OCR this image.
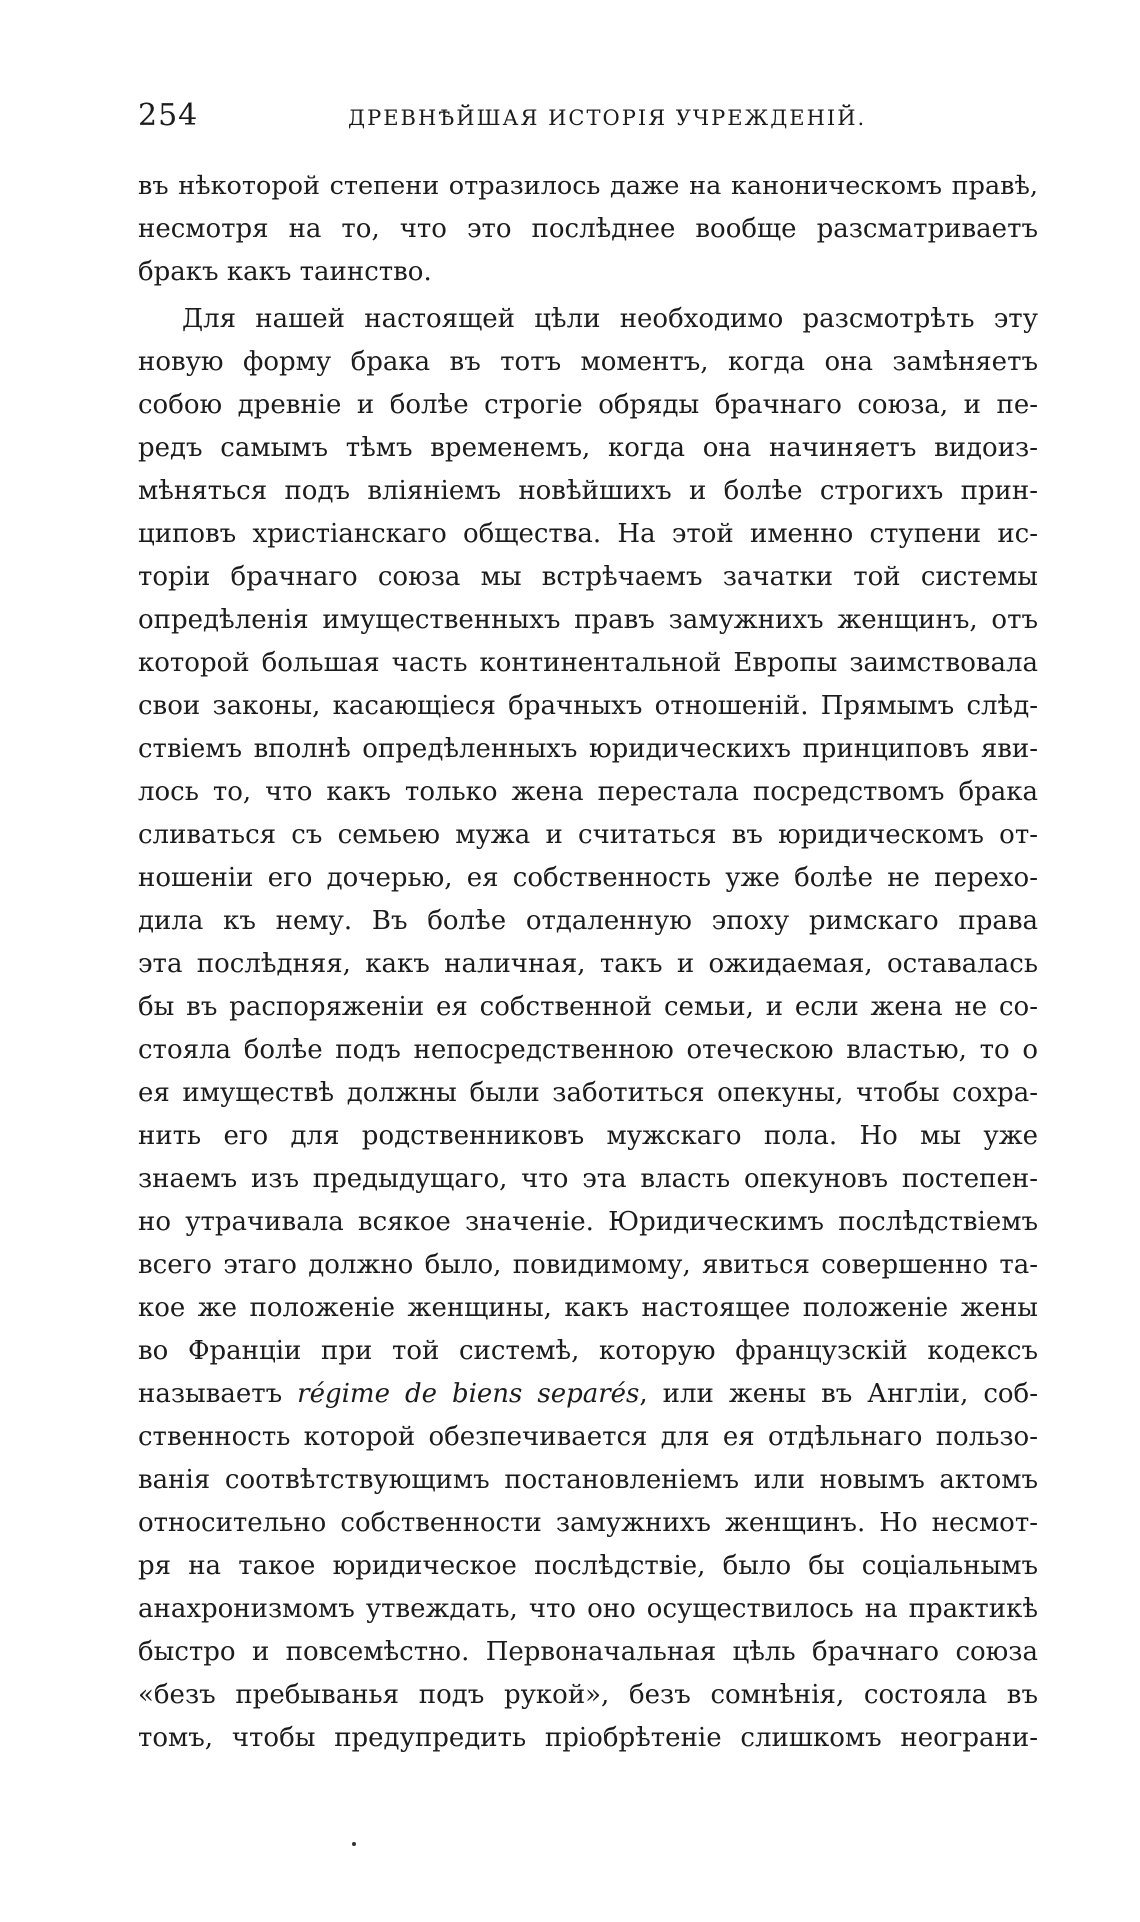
254	ДРЕВНѢЙШАЯ ИСТОРІЯ УЧРЕЖДЕНІЙ.
въ нѣкоторой степени отразилось даже на каноническомъ правѣ,
несмотря на то, что это послѣднее вообще разсматриваетъ
бракъ какъ таинство.
Для нашей настоящей цѣли необходимо разсмотрѣть эту
новую форму брака въ тотъ моментъ, когда она замѣняетъ
собою древніе и болѣе строгіе обряды брачнаго союза, и пе-
редъ самымъ тѣмъ временемъ, когда она начиняетъ видоиз-
мѣняться подъ вліяніемъ новѣйшихъ и болѣе строгихъ прин-
циповъ христіанскаго общества. На этой именно ступени ис-
торіи брачнаго союза мы встрѣчаемъ зачатки той системы
опредѣленія имущественныхъ правъ замужнихъ женщинъ, отъ
которой большая часть континентальной Европы заимствовала
свои законы, касающіеся брачныхъ отношеній. Прямымъ слѣд-
ствіемъ вполнѣ опредѣленныхъ юридическихъ принциповъ яви-
лось то, что какъ только жена перестала посредствомъ брака
сливаться съ семьею мужа и считаться въ юридическомъ от-
ношеніи его дочерью, ея собственность уже болѣе не перехо-
дила къ нему. Въ болѣе отдаленную эпоху римскаго права
эта послѣдняя, какъ наличная, такъ и ожидаемая, оставалась
бы въ распоряженіи ея собственной семьи, и если жена не со-
стояла болѣе подъ непосредственною отеческою властью, то о
ея имуществѣ должны были заботиться опекуны, чтобы сохра-
нить его для родственниковъ мужскаго пола. Но мы уже
знаемъ изъ предыдущаго, что эта власть опекуновъ постепен-
но утрачивала всякое значеніе. Юридическимъ послѣдствіемъ
всего этаго должно было, повидимому, явиться совершенно та-
кое же положеніе женщины, какъ настоящее положеніе жены
во Франціи при той системѣ, которую французскій кодексъ
называетъ régime de biens separés, или жены въ Англіи, соб-
ственность которой обезпечивается для ея отдѣльнаго пользо-
ванія соотвѣтствующимъ постановленіемъ или новымъ актомъ
относительно собственности замужнихъ женщинъ. Но несмот-
ря на такое юридическое послѣдствіе, было бы соціальнымъ
анахронизмомъ утвеждать, что оно осуществилось на практикѣ
быстро и повсемѣстно. Первоначальная цѣль брачнаго союза
«безъ пребыванья подъ рукой», безъ сомнѣнія, состояла въ
томъ, чтобы предупредить пріобрѣтеніе слишкомъ неограни-
